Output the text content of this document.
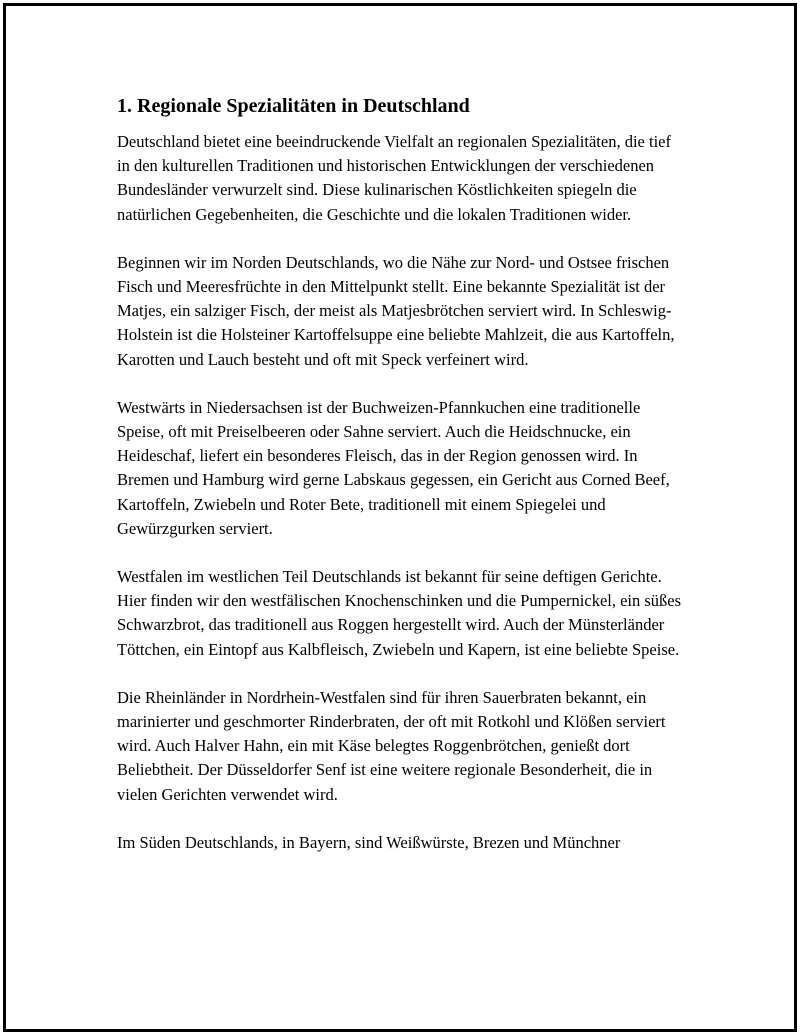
1. Regionale Spezialitäten in Deutschland

Deutschland bietet eine beeindruckende Vielfalt an regionalen Spezialitäten, die tief in den kulturellen Traditionen und historischen Entwicklungen der verschiedenen Bundesländer verwurzelt sind. Diese kulinarischen Köstlichkeiten spiegeln die natürlichen Gegebenheiten, die Geschichte und die lokalen Traditionen wider.

Beginnen wir im Norden Deutschlands, wo die Nähe zur Nord- und Ostsee frischen Fisch und Meeresfrüchte in den Mittelpunkt stellt. Eine bekannte Spezialität ist der Matjes, ein salziger Fisch, der meist als Matjesbrötchen serviert wird. In Schleswig-Holstein ist die Holsteiner Kartoffelsuppe eine beliebte Mahlzeit, die aus Kartoffeln, Karotten und Lauch besteht und oft mit Speck verfeinert wird.

Westwärts in Niedersachsen ist der Buchweizen-Pfannkuchen eine traditionelle Speise, oft mit Preiselbeeren oder Sahne serviert. Auch die Heidschnucke, ein Heideschaf, liefert ein besonderes Fleisch, das in der Region genossen wird. In Bremen und Hamburg wird gerne Labskaus gegessen, ein Gericht aus Corned Beef, Kartoffeln, Zwiebeln und Roter Bete, traditionell mit einem Spiegelei und Gewürzgurken serviert.

Westfalen im westlichen Teil Deutschlands ist bekannt für seine deftigen Gerichte. Hier finden wir den westfälischen Knochenschinken und die Pumpernickel, ein süßes Schwarzbrot, das traditionell aus Roggen hergestellt wird. Auch der Münsterländer Töttchen, ein Eintopf aus Kalbfleisch, Zwiebeln und Kapern, ist eine beliebte Speise.

Die Rheinländer in Nordrhein-Westfalen sind für ihren Sauerbraten bekannt, ein marinierter und geschmorter Rinderbraten, der oft mit Rotkohl und Klößen serviert wird. Auch Halver Hahn, ein mit Käse belegtes Roggenbrötchen, genießt dort Beliebtheit. Der Düsseldorfer Senf ist eine weitere regionale Besonderheit, die in vielen Gerichten verwendet wird.

Im Süden Deutschlands, in Bayern, sind Weißwürste, Brezen und Münchner
